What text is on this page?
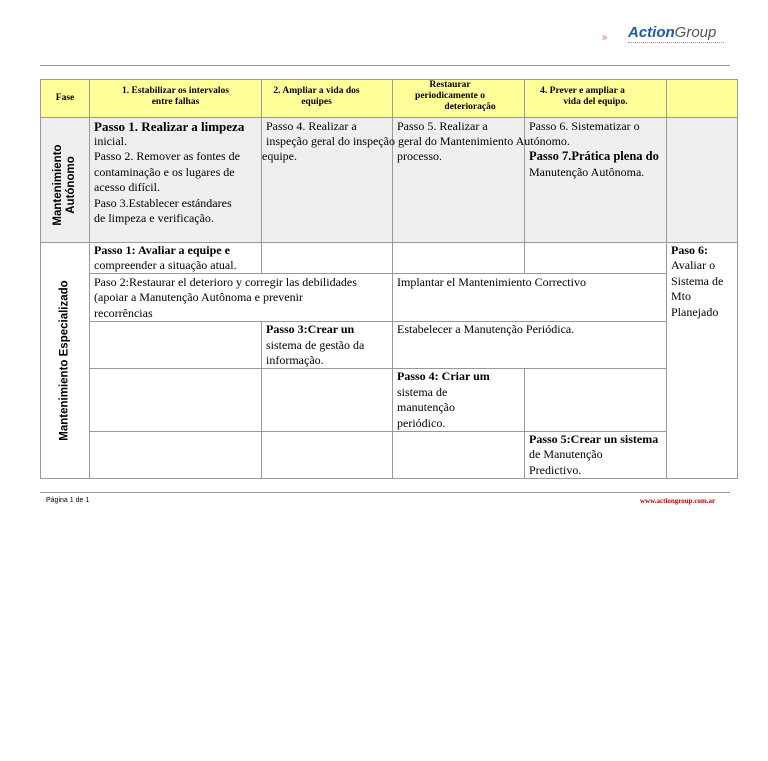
ActionGroup
Fase
1. Estabilizar os intervalos
entre falhas
2. Ampliar a vida dos
equipes
Restaurar
periodicamente o
deterioração
4. Prever e ampliar a
vida del equipo.
Mantenimiento
Autónomo
Passo 1. Realizar a limpeza
inicial.
Passo 2. Remover as fontes de
contaminação e os lugares de
acesso difícil.
Paso 3.Establecer estándares
de limpeza e verificação.
Passo 4. Realizar a
inspeção geral do inspeção geral do Mantenimiento Autónomo.
equipe.
Passo 5. Realizar a
processo.
Passo 6. Sistematizar o
Passo 7.Prática plena do
Manutenção Autônoma.
Mantenimiento Especializado
Passo 1: Avaliar a equipe e
compreender a situação atual.
Paso 6:
Avaliar o
Sistema de
Mto
Planejado
Paso 2:Restaurar el deterioro y corregir las debilidades
(apoiar a Manutenção Autônoma e prevenir
recorrências
Implantar el Mantenimiento Correctivo
Passo 3:Crear un
sistema de gestão da
informação.
Estabelecer a Manutenção Periódica.
Passo 4: Criar um
sistema de
manutenção
periódico.
Passo 5:Crear un sistema
de Manutenção
Predictivo.
Página 1 de 1	www.actiongroup.com.ar
